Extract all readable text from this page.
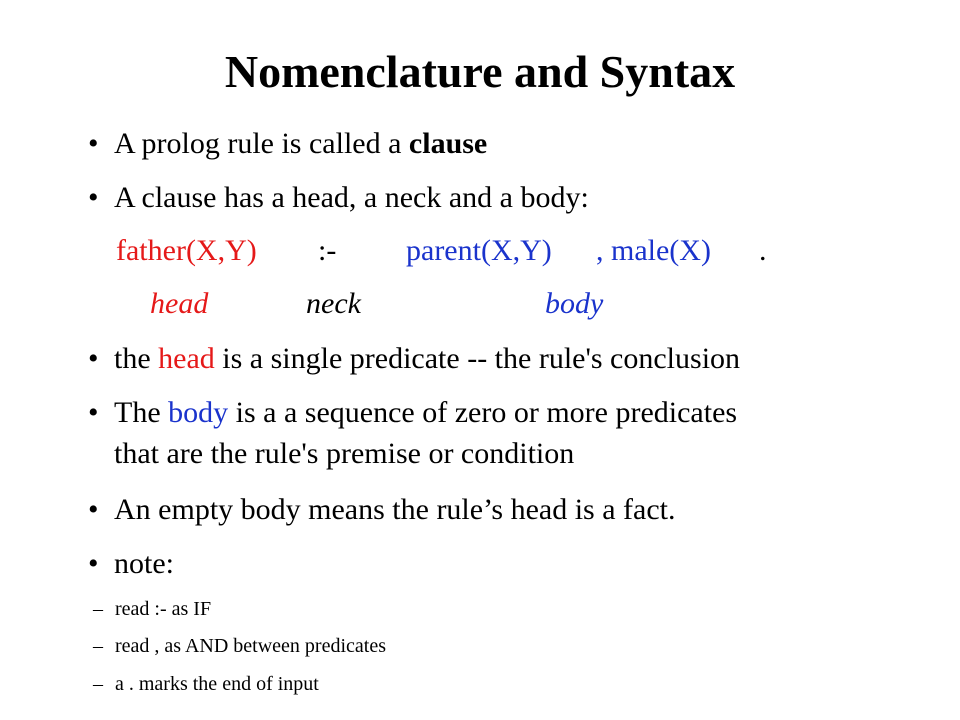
Nomenclature and Syntax
• A prolog rule is called a clause
• A clause has a head, a neck and a body:
father(X,Y) :- parent(X,Y) , male(X) .
head	neck	body
• the head is a single predicate -- the rule's conclusion
• The body is a a sequence of zero or more predicates
that are the rule's premise or condition
• An empty body means the rule’s head is a fact.
• note:
– read :- as IF
– read , as AND between predicates
– a . marks the end of input
